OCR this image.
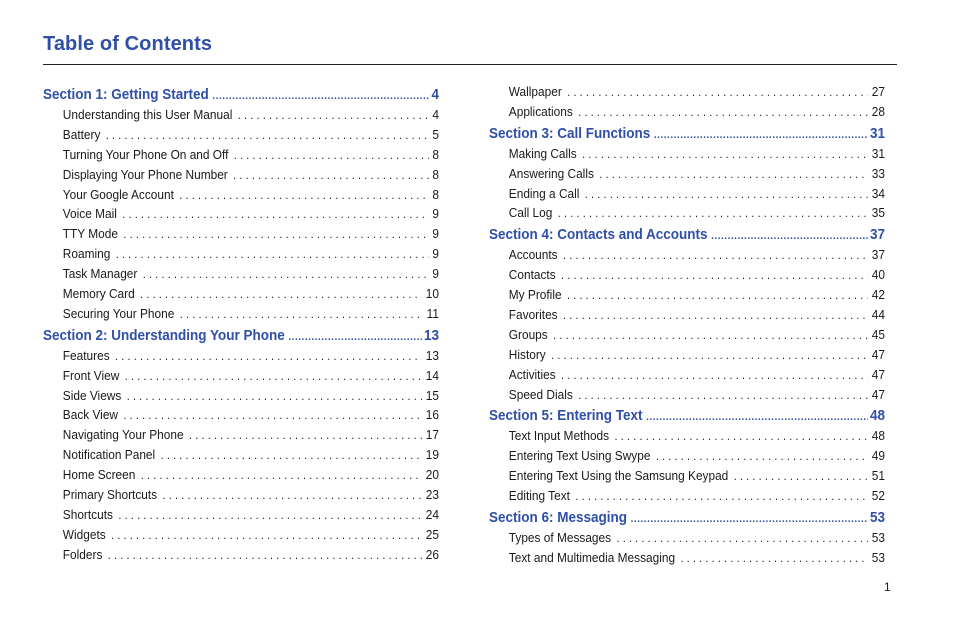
Table of Contents
Section 1: Getting Started .....	4
Understanding this User Manual .....	4
Battery .....	5
Turning Your Phone On and Off .....	8
Displaying Your Phone Number .....	8
Your Google Account .....	8
Voice Mail .....	9
TTY Mode .....	9
Roaming .....	9
Task Manager .....	9
Memory Card .....	10
Securing Your Phone .....	11
Section 2: Understanding Your Phone .....	13
Features .....	13
Front View .....	14
Side Views .....	15
Back View .....	16
Navigating Your Phone .....	17
Notification Panel .....	19
Home Screen .....	20
Primary Shortcuts .....	23
Shortcuts .....	24
Widgets .....	25
Folders .....	26
Wallpaper .....	27
Applications .....	28
Section 3: Call Functions .....	31
Making Calls .....	31
Answering Calls .....	33
Ending a Call .....	34
Call Log .....	35
Section 4: Contacts and Accounts .....	37
Accounts .....	37
Contacts .....	40
My Profile .....	42
Favorites .....	44
Groups .....	45
History .....	47
Activities .....	47
Speed Dials .....	47
Section 5: Entering Text .....	48
Text Input Methods .....	48
Entering Text Using Swype .....	49
Entering Text Using the Samsung Keypad .....	51
Editing Text .....	52
Section 6: Messaging .....	53
Types of Messages .....	53
Text and Multimedia Messaging .....	53
1
